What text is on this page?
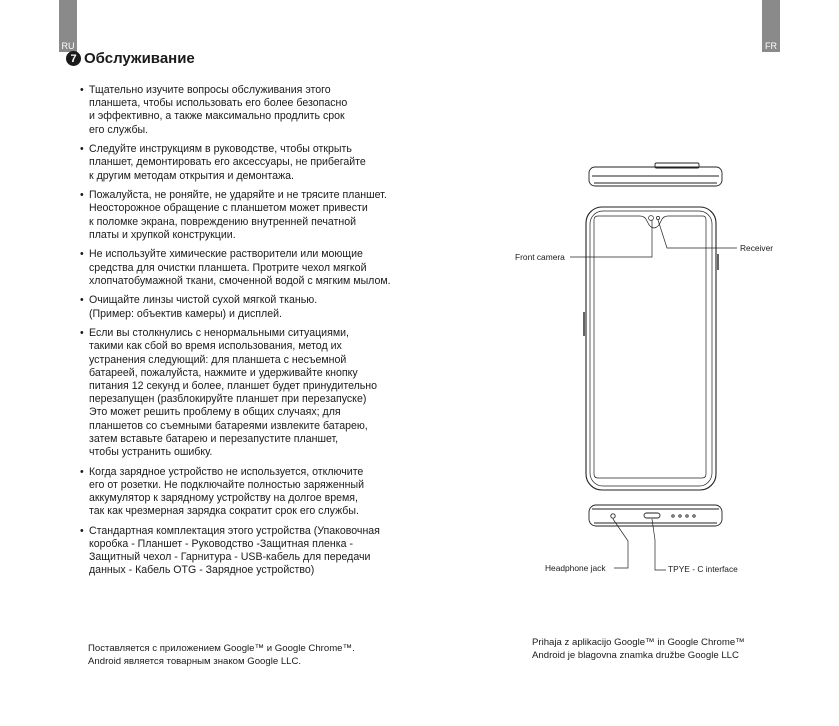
RU	FR
7 Обслуживание
• Тщательно изучите вопросы обслуживания этого
планшета, чтобы использовать его более безопасно
и эффективно, а также максимально продлить срок
его службы.
• Следуйте инструкциям в руководстве, чтобы открыть
планшет, демонтировать его аксессуары, не прибегайте
к другим методам открытия и демонтажа.
• Пожалуйста, не роняйте, не ударяйте и не трясите планшет.
Неосторожное обращение с планшетом может привести
к поломке экрана, повреждению внутренней печатной
платы и хрупкой конструкции.
• Не используйте химические растворители или моющие
средства для очистки планшета. Протрите чехол мягкой
хлопчатобумажной ткани, смоченной водой с мягким мылом.
• Очищайте линзы чистой сухой мягкой тканью.
(Пример: объектив камеры) и дисплей.
• Если вы столкнулись с ненормальными ситуациями,
такими как сбой во время использования, метод их
устранения следующий: для планшета с несъемной
батареей, пожалуйста, нажмите и удерживайте кнопку
питания 12 секунд и более, планшет будет принудительно
перезапущен (разблокируйте планшет при перезапуске)
Это может решить проблему в общих случаях; для
планшетов со съемными батареями извлеките батарею,
затем вставьте батарею и перезапустите планшет,
чтобы устранить ошибку.
• Когда зарядное устройство не используется, отключите
его от розетки. Не подключайте полностью заряженный
аккумулятор к зарядному устройству на долгое время,
так как чрезмерная зарядка сократит срок его службы.
• Стандартная комплектация этого устройства (Упаковочная
коробка - Планшет - Руководство -Защитная пленка -
Защитный чехол - Гарнитура - USB-кабель для передачи
данных - Кабель OTG - Зарядное устройство)
Поставляется с приложением Google™ и Google Chrome™.
Android является товарным знаком Google LLC.
Prihaja z aplikacijo Google™ in Google Chrome™
Android je blagovna znamka družbe Google LLC
Front camera
Receiver
Headphone jack	TPYE - C interface
